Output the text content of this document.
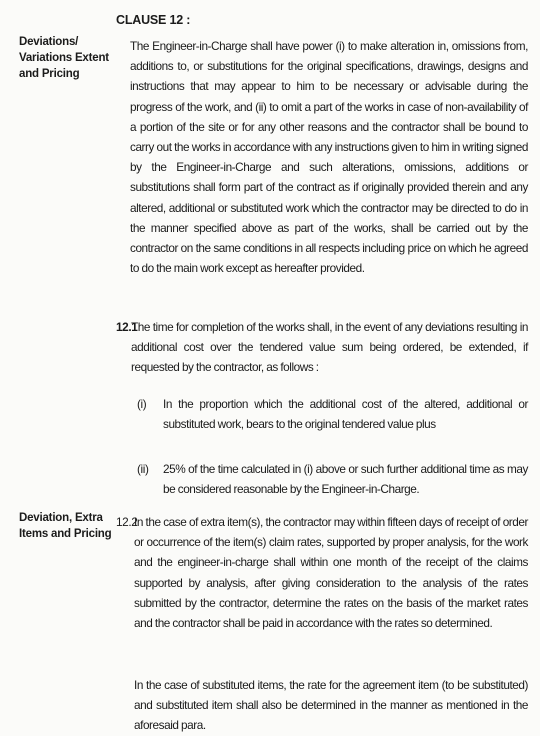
Deviations/ Variations Extent and Pricing
CLAUSE 12 :

The Engineer-in-Charge shall have power (i) to make alteration in, omissions from, additions to, or substitutions for the original specifications, drawings, designs and instructions that may appear to him to be necessary or advisable during the progress of the work, and (ii) to omit a part of the works in case of non-availability of a portion of the site or for any other reasons and the contractor shall be bound to carry out the works in accordance with any instructions given to him in writing signed by the Engineer-in-Charge and such alterations, omissions, additions or substitutions shall form part of the contract as if originally provided therein and any altered, additional or substituted work which the contractor may be directed to do in the manner specified above as part of the works, shall be carried out by the contractor on the same conditions in all respects including price on which he agreed to do the main work except as hereafter provided.

12.1

The time for completion of the works shall, in the event of any deviations resulting in additional cost over the tendered value sum being ordered, be extended, if requested by the contractor, as follows :

(i) In the proportion which the additional cost of the altered, additional or substituted work, bears to the original tendered value plus

(ii) 25% of the time calculated in (i) above or such further additional time as may be considered reasonable by the Engineer-in-Charge.

Deviation, Extra Items and Pricing
12.2

In the case of extra item(s), the contractor may within fifteen days of receipt of order or occurrence of the item(s) claim rates, supported by proper analysis, for the work and the engineer-in-charge shall within one month of the receipt of the claims supported by analysis, after giving consideration to the analysis of the rates submitted by the contractor, determine the rates on the basis of the market rates and the contractor shall be paid in accordance with the rates so determined.

In the case of substituted items, the rate for the agreement item (to be substituted) and substituted item shall also be determined in the manner as mentioned in the aforesaid para.
